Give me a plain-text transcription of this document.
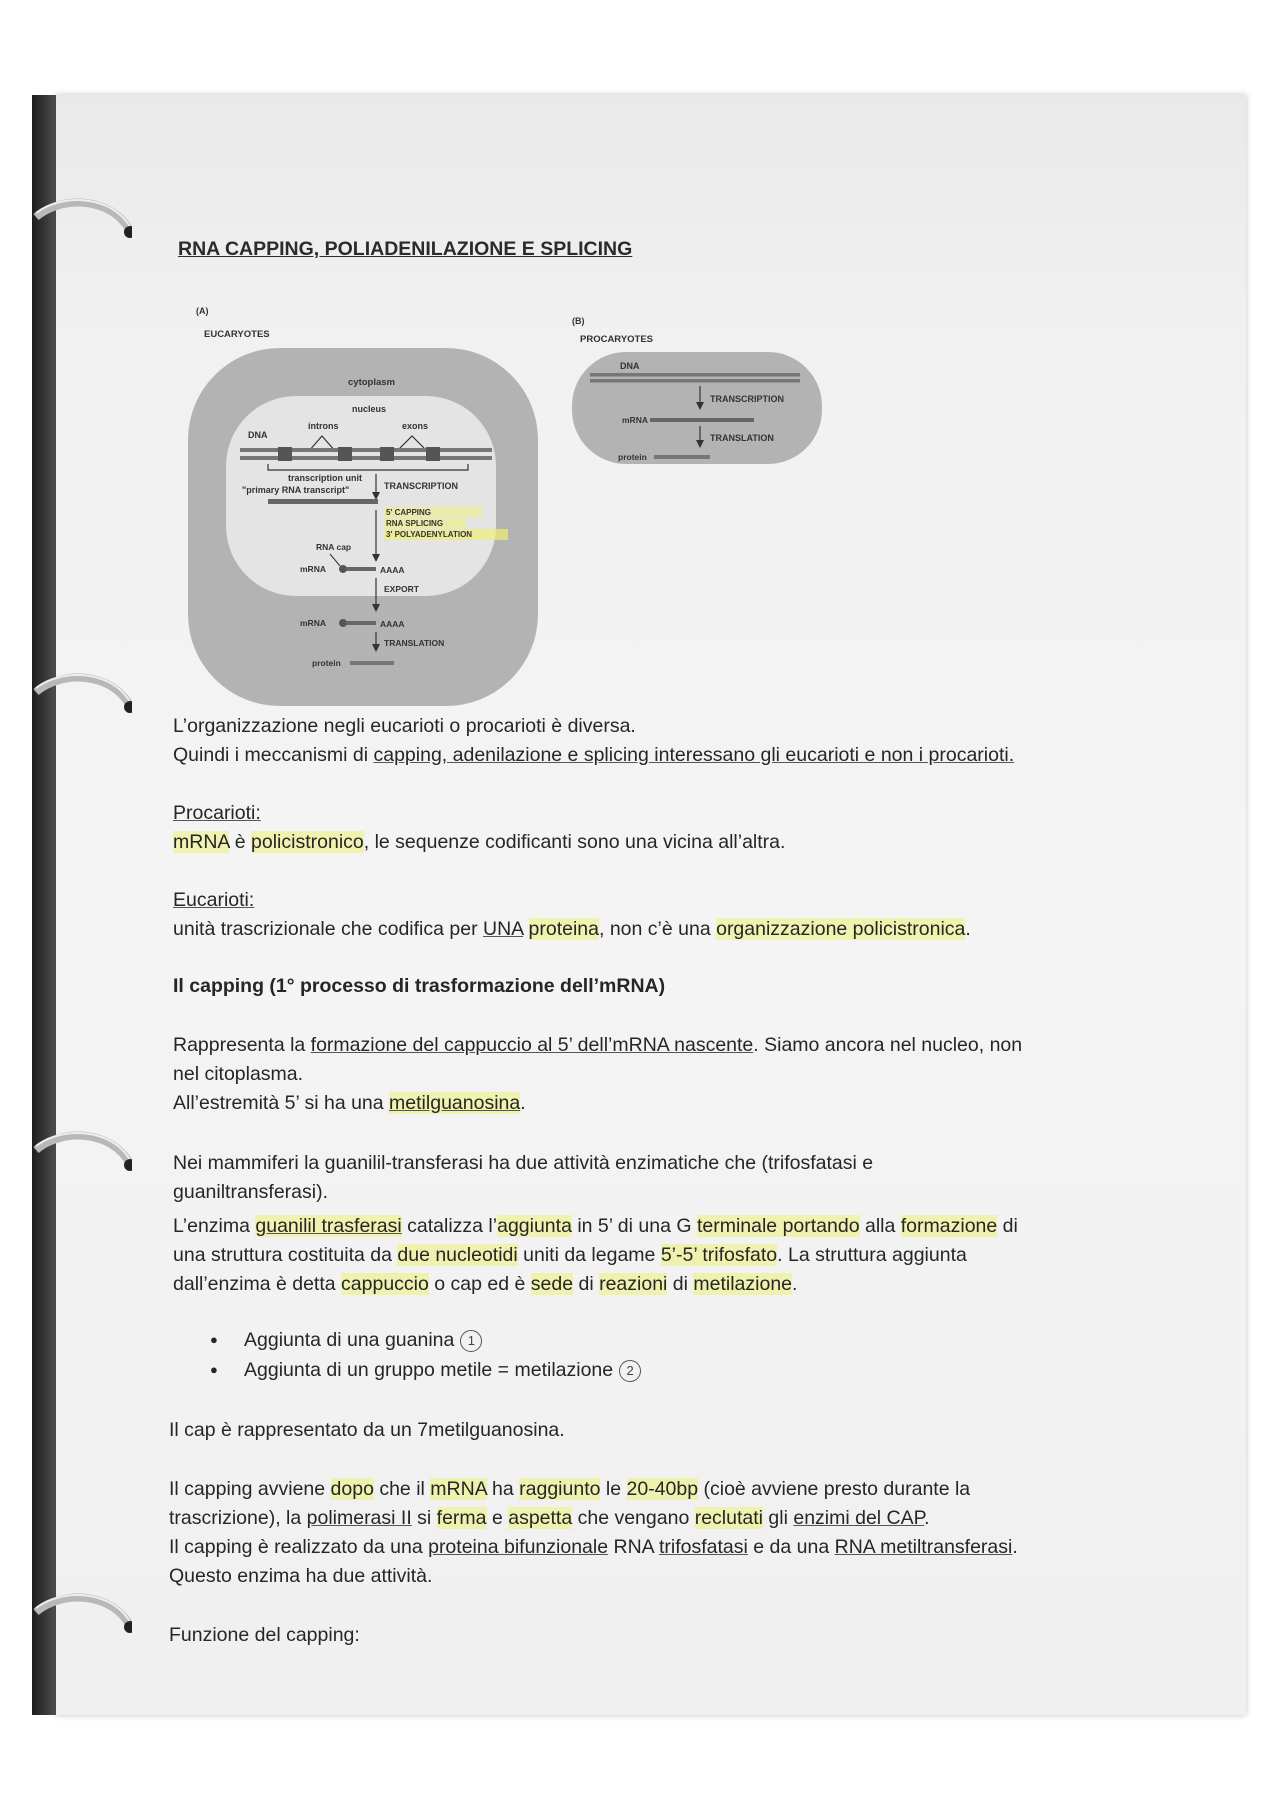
RNA CAPPING, POLIADENILAZIONE E SPLICING
(A)
EUCARYOTES
cytoplasm
nucleus
introns	exons
DNA
transcription unit
"primary RNA transcript"	TRANSCRIPTION
5' CAPPING
RNA SPLICING
3' POLYADENYLATION
RNA cap
mRNA	AAAA
EXPORT
mRNA	AAAA
TRANSLATION
protein
(B)
PROCARYOTES
DNA
TRANSCRIPTION
mRNA
TRANSLATION
protein
L’organizzazione negli eucarioti o procarioti è diversa.
Quindi i meccanismi di capping, adenilazione e splicing interessano gli eucarioti e non i procarioti.
Procarioti:
mRNA è policistronico, le sequenze codificanti sono una vicina all’altra.
Eucarioti:
unità trascrizionale che codifica per UNA proteina, non c’è una organizzazione policistronica.
Il capping (1° processo di trasformazione dell’mRNA)
Rappresenta la formazione del cappuccio al 5’ dell’mRNA nascente. Siamo ancora nel nucleo, non
nel citoplasma.
All’estremità 5’ si ha una metilguanosina.
Nei mammiferi la guanilil-transferasi ha due attività enzimatiche che (trifosfatasi e
guaniltransferasi).
L’enzima guanilil trasferasi catalizza l’aggiunta in 5’ di una G terminale portando alla formazione di
una struttura costituita da due nucleotidi uniti da legame 5’-5’ trifosfato. La struttura aggiunta
dall’enzima è detta cappuccio o cap ed è sede di reazioni di metilazione.
● Aggiunta di una guanina 1
● Aggiunta di un gruppo metile = metilazione 2
Il cap è rappresentato da un 7metilguanosina.
Il capping avviene dopo che il mRNA ha raggiunto le 20-40bp (cioè avviene presto durante la
trascrizione), la polimerasi II si ferma e aspetta che vengano reclutati gli enzimi del CAP.
Il capping è realizzato da una proteina bifunzionale RNA trifosfatasi e da una RNA metiltransferasi.
Questo enzima ha due attività.
Funzione del capping:
